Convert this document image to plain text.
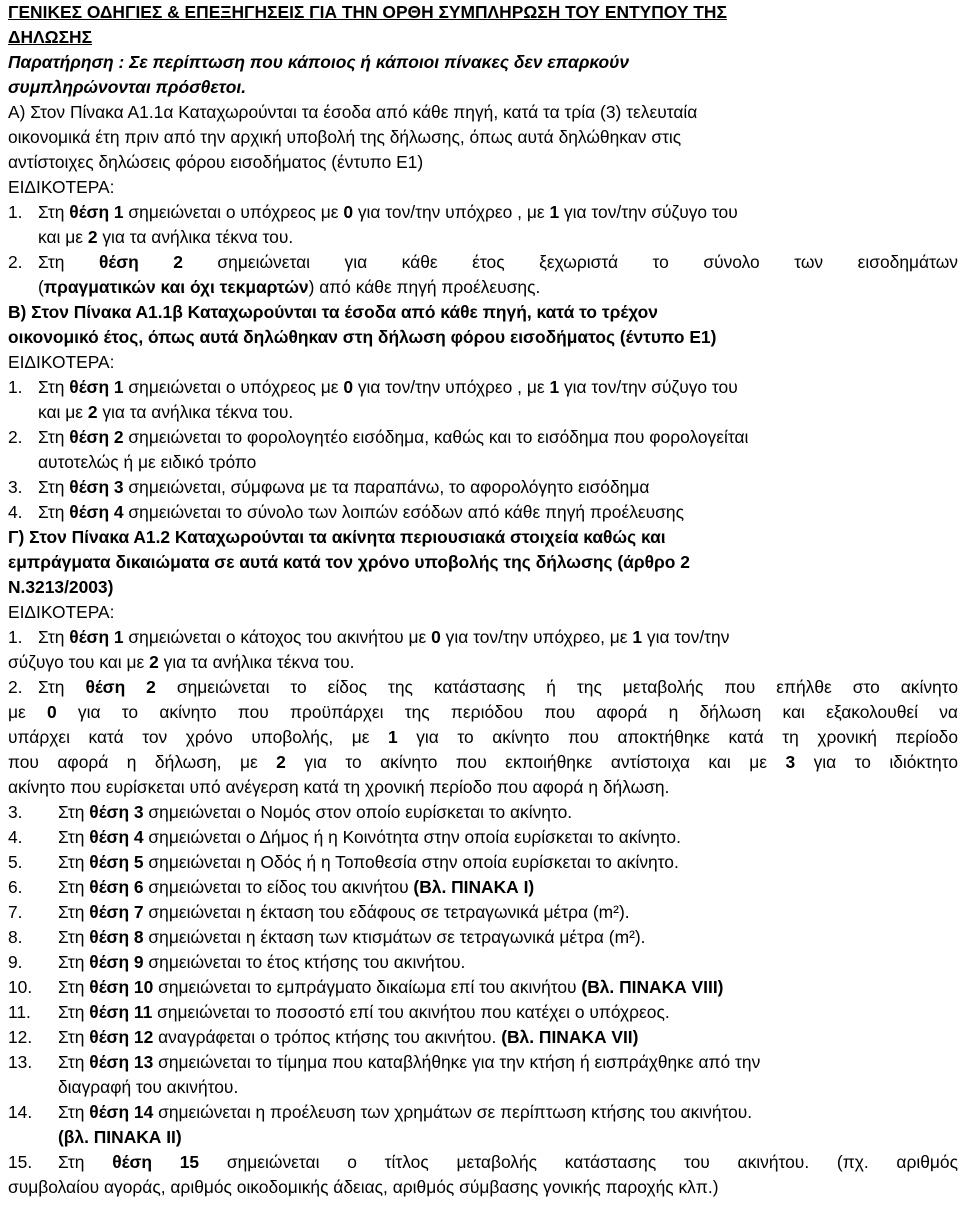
ΓΕΝΙΚΕΣ ΟΔΗΓΙΕΣ & ΕΠΕΞΗΓΗΣΕΙΣ ΓΙΑ ΤΗΝ ΟΡΘΗ ΣΥΜΠΛΗΡΩΣΗ ΤΟΥ ΕΝΤΥΠΟΥ ΤΗΣ
ΔΗΛΩΣΗΣ
Παρατήρηση : Σε περίπτωση που κάποιος ή κάποιοι πίνακες δεν επαρκούν
συμπληρώνονται πρόσθετοι.
Α) Στον Πίνακα Α1.1α Καταχωρούνται τα έσοδα από κάθε πηγή, κατά τα τρία (3) τελευταία
οικονομικά έτη πριν από την αρχική υποβολή της δήλωσης, όπως αυτά δηλώθηκαν στις
αντίστοιχες δηλώσεις φόρου εισοδήματος (έντυπο Ε1)
ΕΙΔΙΚΟΤΕΡΑ:
1. Στη θέση 1 σημειώνεται ο υπόχρεος με 0 για τον/την υπόχρεο , με 1 για τον/την σύζυγο του
και με 2 για τα ανήλικα τέκνα του.
2. Στη θέση 2 σημειώνεται για κάθε έτος ξεχωριστά το σύνολο των εισοδημάτων
(πραγματικών και όχι τεκμαρτών) από κάθε πηγή προέλευσης.
Β) Στον Πίνακα Α1.1β Καταχωρούνται τα έσοδα από κάθε πηγή, κατά το τρέχον
οικονομικό έτος, όπως αυτά δηλώθηκαν στη δήλωση φόρου εισοδήματος (έντυπο Ε1)
ΕΙΔΙΚΟΤΕΡΑ:
1. Στη θέση 1 σημειώνεται ο υπόχρεος με 0 για τον/την υπόχρεο , με 1 για τον/την σύζυγο του
και με 2 για τα ανήλικα τέκνα του.
2. Στη θέση 2 σημειώνεται το φορολογητέο εισόδημα, καθώς και το εισόδημα που φορολογείται
αυτοτελώς ή με ειδικό τρόπο
3. Στη θέση 3 σημειώνεται, σύμφωνα με τα παραπάνω, το αφορολόγητο εισόδημα
4. Στη θέση 4 σημειώνεται το σύνολο των λοιπών εσόδων από κάθε πηγή προέλευσης
Γ) Στον Πίνακα Α1.2 Καταχωρούνται τα ακίνητα περιουσιακά στοιχεία καθώς και
εμπράγματα δικαιώματα σε αυτά κατά τον χρόνο υποβολής της δήλωσης (άρθρο 2
Ν.3213/2003)
ΕΙΔΙΚΟΤΕΡΑ:
1. Στη θέση 1 σημειώνεται ο κάτοχος του ακινήτου με 0 για τον/την υπόχρεο, με 1 για τον/την
σύζυγο του και με 2 για τα ανήλικα τέκνα του.
2. Στη θέση 2 σημειώνεται το είδος της κατάστασης ή της μεταβολής που επήλθε στο ακίνητο
με 0 για το ακίνητο που προϋπάρχει της περιόδου που αφορά η δήλωση και εξακολουθεί να
υπάρχει κατά τον χρόνο υποβολής, με 1 για το ακίνητο που αποκτήθηκε κατά τη χρονική περίοδο
που αφορά η δήλωση, με 2 για το ακίνητο που εκποιήθηκε αντίστοιχα και με 3 για το ιδιόκτητο
ακίνητο που ευρίσκεται υπό ανέγερση κατά τη χρονική περίοδο που αφορά η δήλωση.
3.	Στη θέση 3 σημειώνεται ο Νομός στον οποίο ευρίσκεται το ακίνητο.
4.	Στη θέση 4 σημειώνεται ο Δήμος ή η Κοινότητα στην οποία ευρίσκεται το ακίνητο.
5.	Στη θέση 5 σημειώνεται η Οδός ή η Τοποθεσία στην οποία ευρίσκεται το ακίνητο.
6.	Στη θέση 6 σημειώνεται το είδος του ακινήτου (Βλ. ΠΙΝΑΚΑ Ι)
7.	Στη θέση 7 σημειώνεται η έκταση του εδάφους σε τετραγωνικά μέτρα (m²).
8.	Στη θέση 8 σημειώνεται η έκταση των κτισμάτων σε τετραγωνικά μέτρα (m²).
9.	Στη θέση 9 σημειώνεται το έτος κτήσης του ακινήτου.
10.	Στη θέση 10 σημειώνεται το εμπράγματο δικαίωμα επί του ακινήτου (Βλ. ΠΙΝΑΚΑ VIII)
11.	Στη θέση 11 σημειώνεται το ποσοστό επί του ακινήτου που κατέχει ο υπόχρεος.
12.	Στη θέση 12 αναγράφεται ο τρόπος κτήσης του ακινήτου. (Βλ. ΠΙΝΑΚΑ VII)
13.	Στη θέση 13 σημειώνεται το τίμημα που καταβλήθηκε για την κτήση ή εισπράχθηκε από την
διαγραφή του ακινήτου.
14.	Στη θέση 14 σημειώνεται η προέλευση των χρημάτων σε περίπτωση κτήσης του ακινήτου.
(βλ. ΠΙΝΑΚΑ ΙΙ)
15.	Στη θέση 15 σημειώνεται ο τίτλος μεταβολής κατάστασης του ακινήτου. (πχ. αριθμός
συμβολαίου αγοράς, αριθμός οικοδομικής άδειας, αριθμός σύμβασης γονικής παροχής κλπ.)
